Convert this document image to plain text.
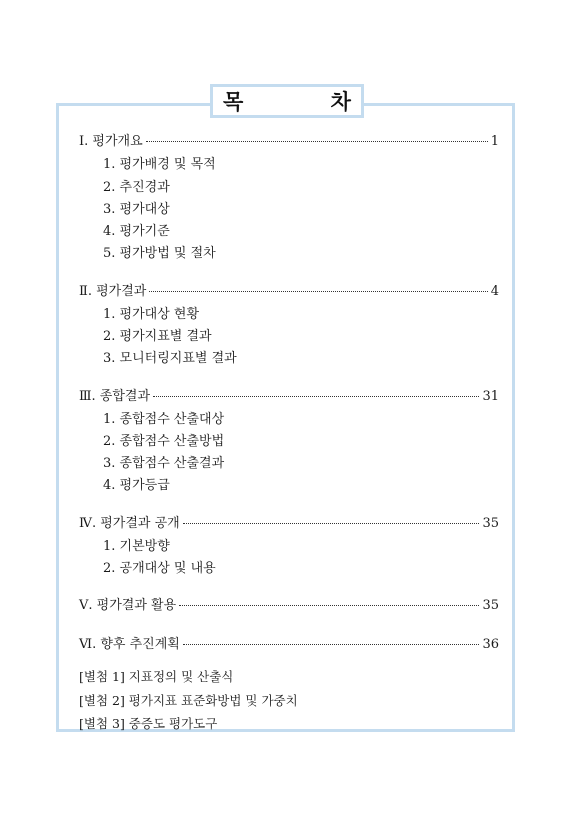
목 차
Ⅰ. 평가개요	1
1. 평가배경 및 목적
2. 추진경과
3. 평가대상
4. 평가기준
5. 평가방법 및 절차
Ⅱ. 평가결과	4
1. 평가대상 현황
2. 평가지표별 결과
3. 모니터링지표별 결과
Ⅲ. 종합결과	31
1. 종합점수 산출대상
2. 종합점수 산출방법
3. 종합점수 산출결과
4. 평가등급
Ⅳ. 평가결과 공개	35
1. 기본방향
2. 공개대상 및 내용
Ⅴ. 평가결과 활용	35
Ⅵ. 향후 추진계획	36
[별첨 1] 지표정의 및 산출식
[별첨 2] 평가지표 표준화방법 및 가중치
[별첨 3] 중증도 평가도구
